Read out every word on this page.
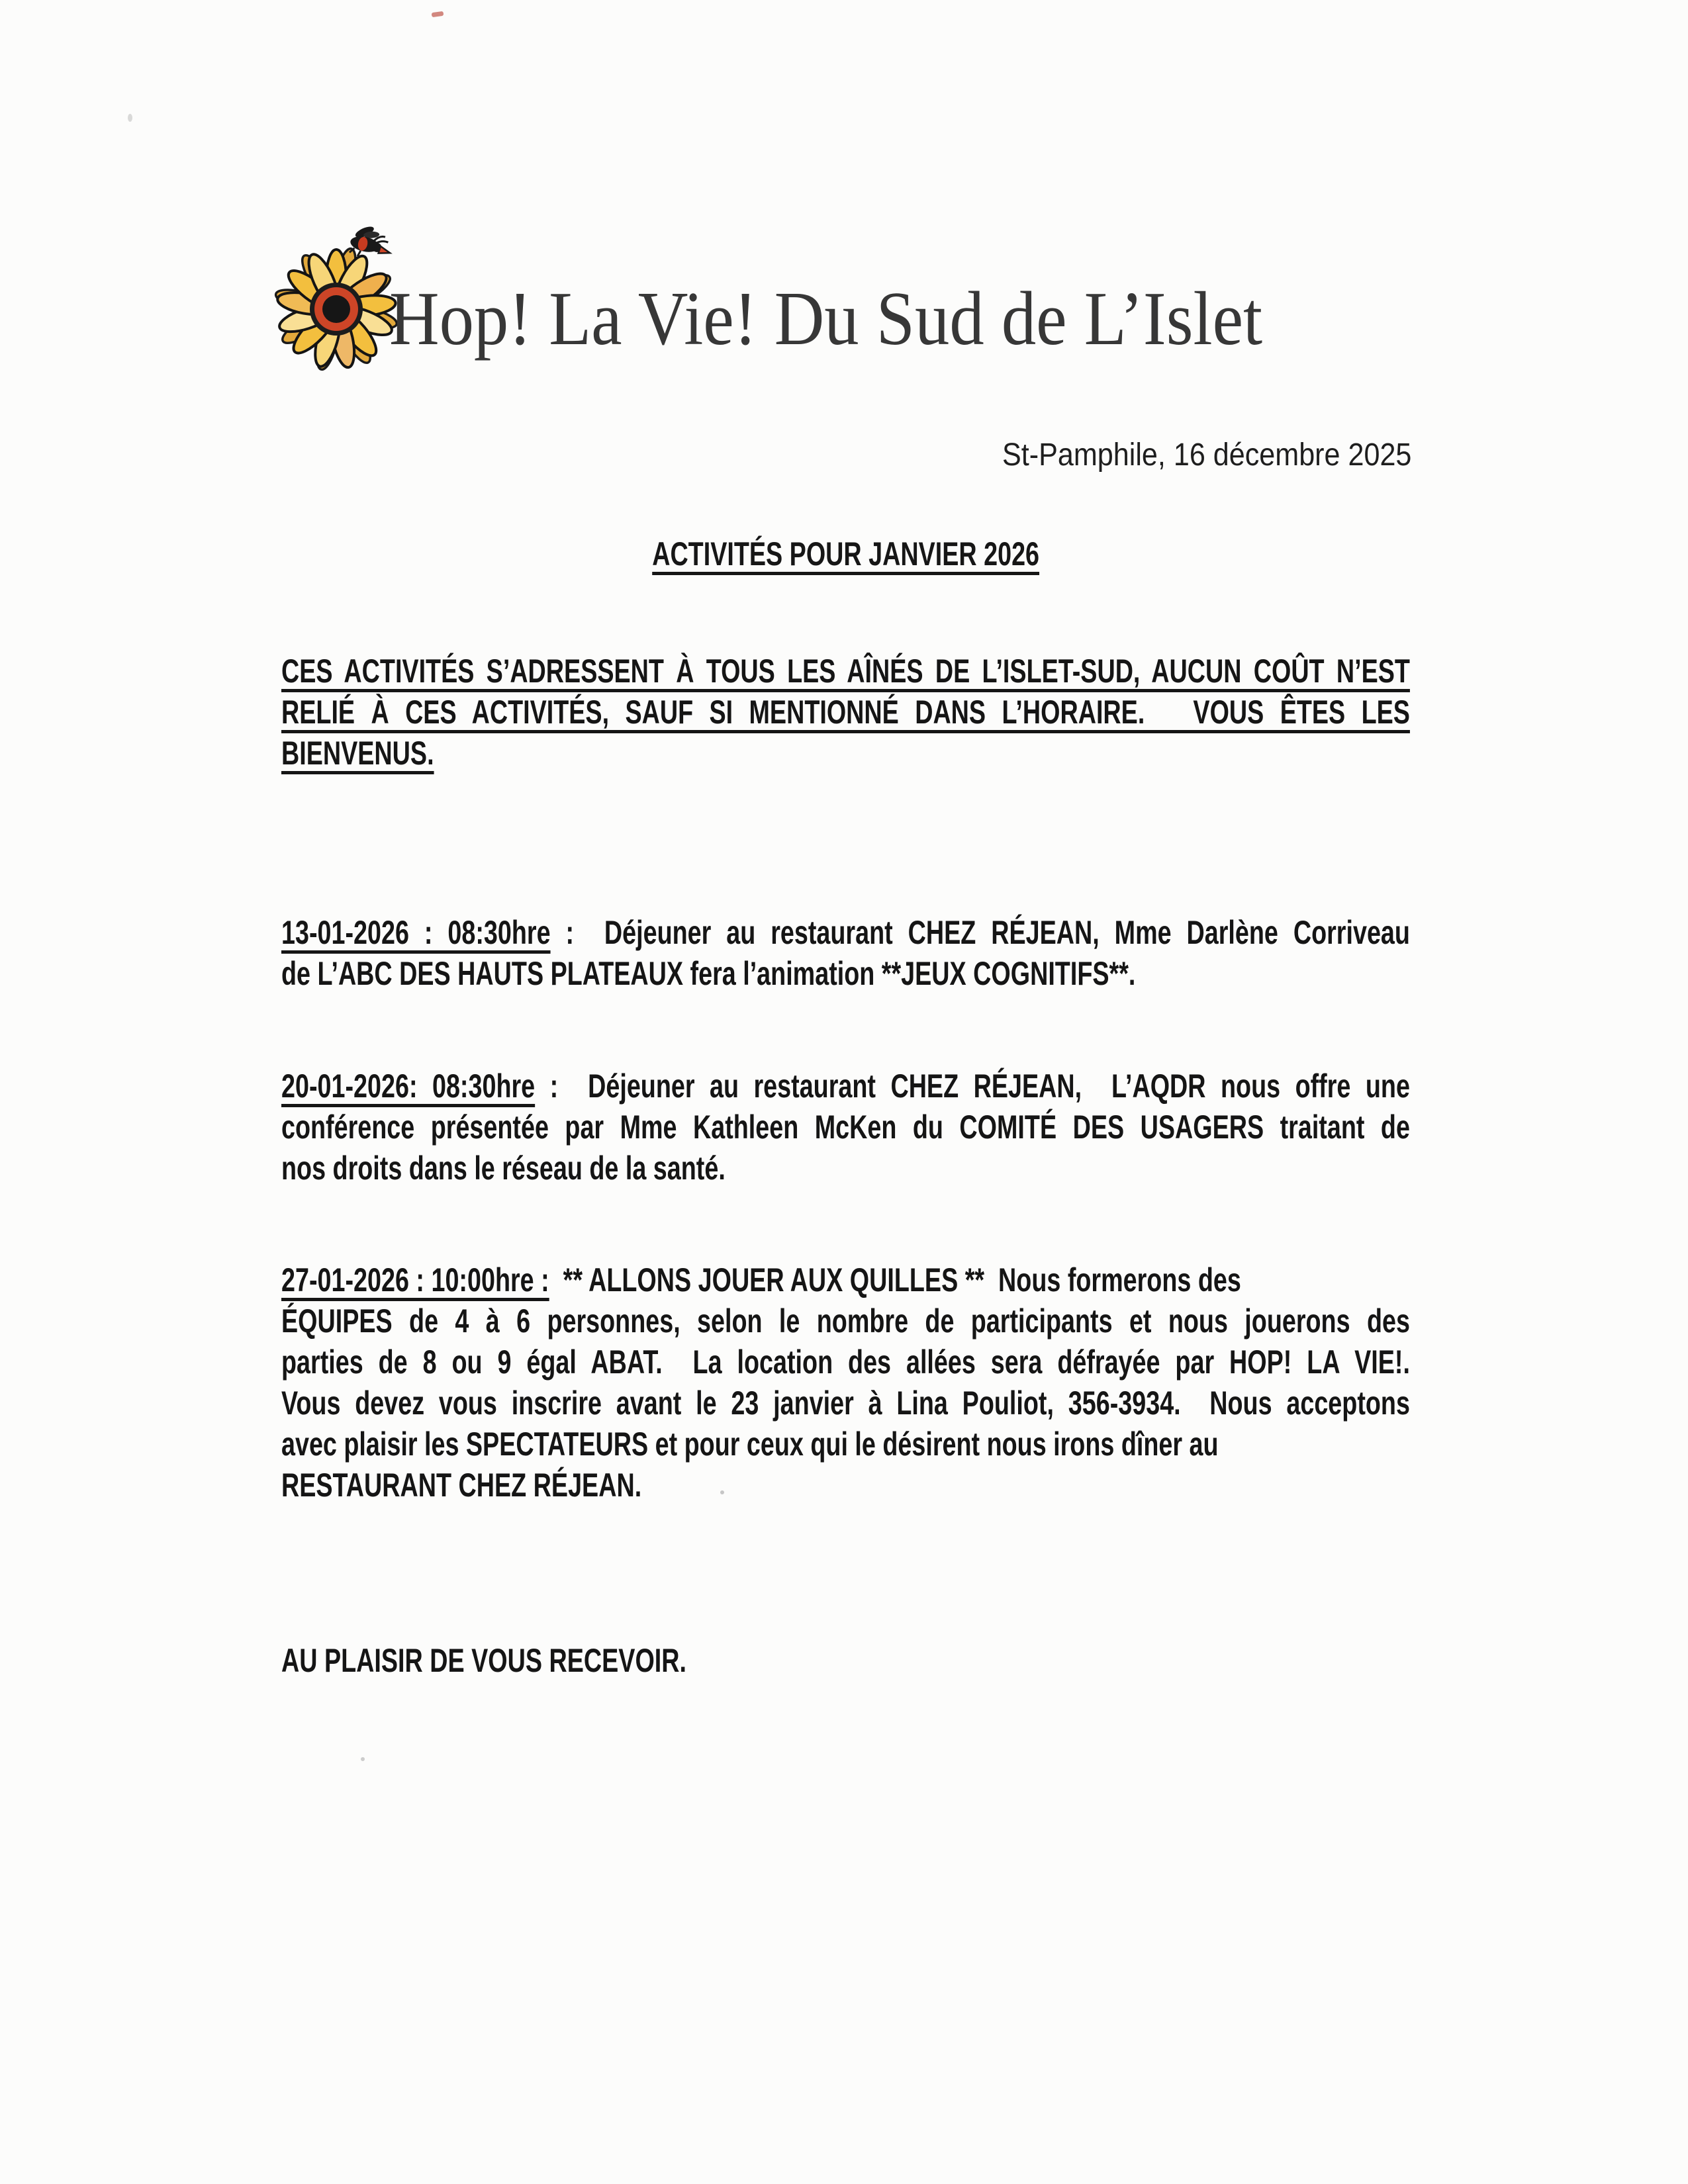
Hop! La Vie! Du Sud de L’Islet
St-Pamphile, 16 décembre 2025
ACTIVITÉS POUR JANVIER 2026
CES ACTIVITÉS S’ADRESSENT À TOUS LES AÎNÉS DE L’ISLET-SUD, AUCUN COÛT N’EST
RELIÉ À CES ACTIVITÉS, SAUF SI MENTIONNÉ DANS L’HORAIRE.   VOUS ÊTES LES
BIENVENUS.
13-01-2026 : 08:30hre :  Déjeuner au restaurant CHEZ RÉJEAN, Mme Darlène Corriveau
de L’ABC DES HAUTS PLATEAUX fera l’animation **JEUX COGNITIFS**.
20-01-2026: 08:30hre :  Déjeuner au restaurant CHEZ RÉJEAN,  L’AQDR nous offre une
conférence présentée par Mme Kathleen McKen du COMITÉ DES USAGERS traitant de
nos droits dans le réseau de la santé.
27-01-2026 : 10:00hre :  ** ALLONS JOUER AUX QUILLES **  Nous formerons des
ÉQUIPES de 4 à 6 personnes, selon le nombre de participants et nous jouerons des
parties de 8 ou 9 égal ABAT.  La location des allées sera défrayée par HOP! LA VIE!.
Vous devez vous inscrire avant le 23 janvier à Lina Pouliot, 356-3934.  Nous acceptons
avec plaisir les SPECTATEURS et pour ceux qui le désirent nous irons dîner au
RESTAURANT CHEZ RÉJEAN.
AU PLAISIR DE VOUS RECEVOIR.
